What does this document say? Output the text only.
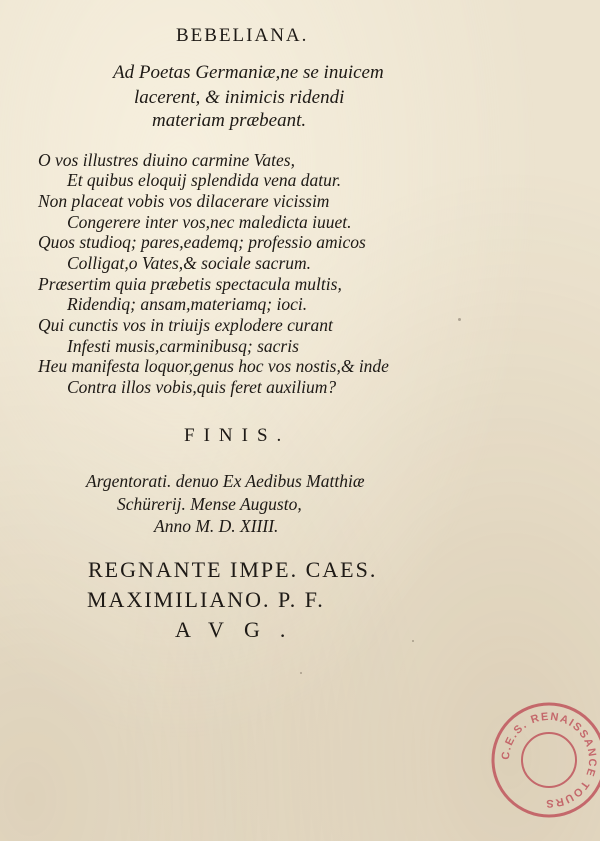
BEBELIANA.

Ad Poetas Germaniæ,ne se inuicem

lacerent, & inimicis ridendi

materiam præbeant.

O vos illustres diuino carmine Vates,

Et quibus eloquij splendida vena datur.

Non placeat vobis vos dilacerare vicissim

Congerere inter vos,nec maledicta iuuet.

Quos studioq; pares,eademq; professio amicos

Colligat,o Vates,& sociale sacrum.

Præsertim quia præbetis spectacula multis,

Ridendiq; ansam,materiamq; ioci.

Qui cunctis vos in triuijs explodere curant

Infesti musis,carminibusq; sacris

Heu manifesta loquor,genus hoc vos nostis,& inde

Contra illos vobis,quis feret auxilium?

FINIS.

Argentorati. denuo Ex Aedibus Matthiæ

Schürerij. Mense Augusto,

Anno M. D. XIIII.

REGNANTE IMPE. CAES.

MAXIMILIANO. P. F.

AVG.

C.E.S. RENAISSANCE TOURS
